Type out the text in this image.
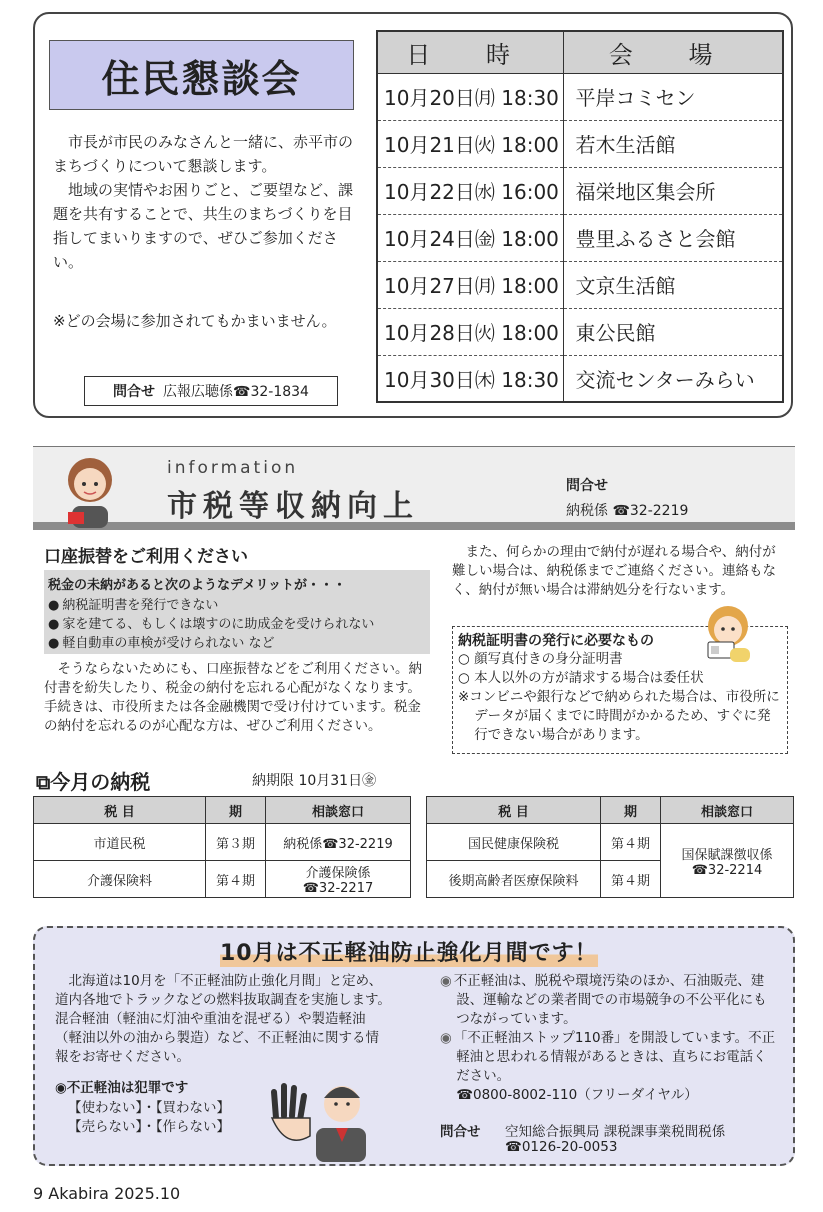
住民懇談会

市長が市民のみなさんと一緒に、赤平市のまちづくりについて懇談します。

地域の実情やお困りごと、ご要望など、課題を共有することで、共生のまちづくりを目指してまいりますので、ぜひご参加ください。

※どの会場に参加されてもかまいません。
問合せ 広報広聴係☎32-1834
日 時	会 場
10月20日㈪ 18:30	平岸コミセン
10月21日㈫ 18:00	若木生活館
10月22日㈬ 16:00	福栄地区集会所
10月24日㈮ 18:00	豊里ふるさと会館
10月27日㈪ 18:00	文京生活館
10月28日㈫ 18:00	東公民館
10月30日㈭ 18:30	交流センターみらい
information
市税等収納向上
問合せ
納税係 ☎32-2219
口座振替をご利用ください
税金の未納があると次のようなデメリットが・・・
● 納税証明書を発行できない
● 家を建てる、もしくは壊すのに助成金を受けられない
● 軽自動車の車検が受けられない など

そうならないためにも、口座振替などをご利用ください。納付書を紛失したり、税金の納付を忘れる心配がなくなります。手続きは、市役所または各金融機関で受け付けています。税金の納付を忘れるのが心配な方は、ぜひご利用ください。

また、何らかの理由で納付が遅れる場合や、納付が難しい場合は、納税係までご連絡ください。連絡もなく、納付が無い場合は滞納処分を行ないます。

納税証明書の発行に必要なもの
○ 顔写真付きの身分証明書
○ 本人以外の方が請求する場合は委任状
※コンビニや銀行などで納められた場合は、市役所にデータが届くまでに時間がかかるため、すぐに発行できない場合があります。
⧉今月の納税	納期限 10月31日㊎
税 目	期	相談窓口
市道民税	第３期	納税係☎32-2219
介護保険料	第４期	介護保険係
☎32-2217
税 目	期	相談窓口
国民健康保険税	第４期	国保賦課徴収係
☎32-2214

後期高齢者医療保険料	第４期	
10月は不正軽油防止強化月間です！

北海道は10月を「不正軽油防止強化月間」と定め、道内各地でトラックなどの燃料抜取調査を実施します。混合軽油（軽油に灯油や重油を混ぜる）や製造軽油（軽油以外の油から製造）など、不正軽油に関する情報をお寄せください。

◉不正軽油は犯罪です
【使わない】・【買わない】
【売らない】・【作らない】

◉ 不正軽油は、脱税や環境汚染のほか、石油販売、建設、運輸などの業者間での市場競争の不公平化にもつながっています。

◉ 「不正軽油ストップ110番」を開設しています。不正軽油と思われる情報があるときは、直ちにお電話ください。

☎0800-8002-110（フリーダイヤル）

問合せ 空知総合振興局 課税課事業税間税係
☎0126-20-0053
9 Akabira 2025.10
